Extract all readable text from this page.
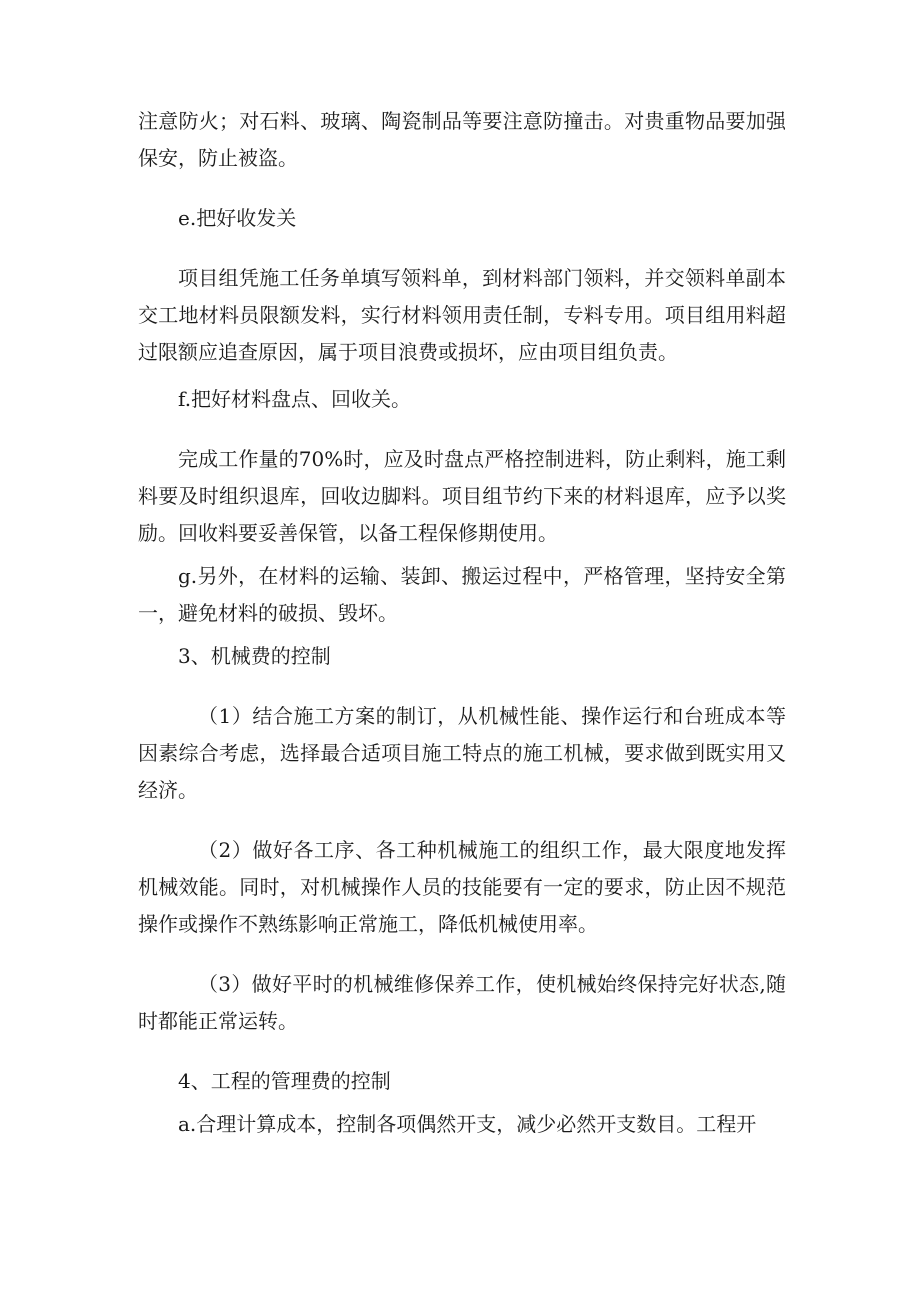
注意防火；对石料、玻璃、陶瓷制品等要注意防撞击。对贵重物品要加强保安，防止被盗。

e.把好收发关

项目组凭施工任务单填写领料单，到材料部门领料，并交领料单副本交工地材料员限额发料，实行材料领用责任制，专料专用。项目组用料超过限额应追查原因，属于项目浪费或损坏，应由项目组负责。

f.把好材料盘点、回收关。

完成工作量的70%时，应及时盘点严格控制进料，防止剩料，施工剩料要及时组织退库，回收边脚料。项目组节约下来的材料退库，应予以奖励。回收料要妥善保管，以备工程保修期使用。

g.另外，在材料的运输、装卸、搬运过程中，严格管理，坚持安全第一，避免材料的破损、毁坏。

3、机械费的控制

（1）结合施工方案的制订，从机械性能、操作运行和台班成本等因素综合考虑，选择最合适项目施工特点的施工机械，要求做到既实用又经济。

（2）做好各工序、各工种机械施工的组织工作，最大限度地发挥机械效能。同时，对机械操作人员的技能要有一定的要求，防止因不规范操作或操作不熟练影响正常施工，降低机械使用率。

（3）做好平时的机械维修保养工作，使机械始终保持完好状态,随时都能正常运转。

4、工程的管理费的控制

a.合理计算成本，控制各项偶然开支，减少必然开支数目。工程开
